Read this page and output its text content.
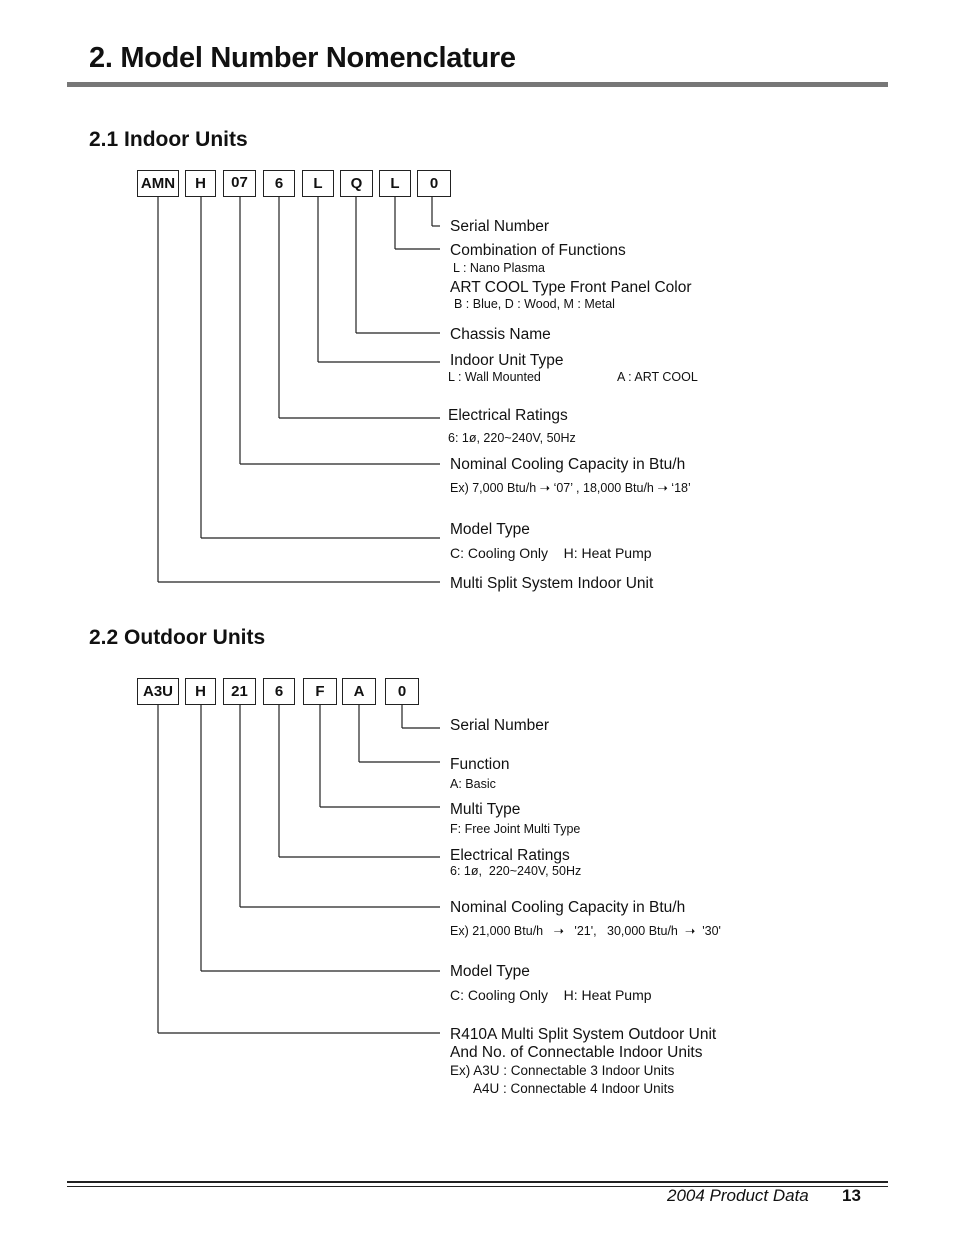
2. Model Number Nomenclature
2.1 Indoor Units
AMN	H	07	6	L	Q	L	0
Serial Number
Combination of Functions
L : Nano Plasma
ART COOL Type Front Panel Color
B : Blue, D : Wood, M : Metal
Chassis Name
Indoor Unit Type
L : Wall Mounted	A : ART COOL
Electrical Ratings
6: 1ø, 220~240V, 50Hz
Nominal Cooling Capacity in Btu/h
Ex) 7,000 Btu/h ➝ ‘07’ , 18,000 Btu/h ➝ ‘18’
Model Type
C: Cooling Only    H: Heat Pump
Multi Split System Indoor Unit
2.2 Outdoor Units
A3U	H	21	6	F	A	0
Serial Number
Function
A: Basic
Multi Type
F: Free Joint Multi Type
Electrical Ratings
6: 1ø,  220~240V, 50Hz
Nominal Cooling Capacity in Btu/h
Ex) 21,000 Btu/h   ➝   '21',   30,000 Btu/h  ➝  '30'
Model Type
C: Cooling Only    H: Heat Pump
R410A Multi Split System Outdoor Unit
And No. of Connectable Indoor Units
Ex) A3U : Connectable 3 Indoor Units
A4U : Connectable 4 Indoor Units
2004 Product Data 13
